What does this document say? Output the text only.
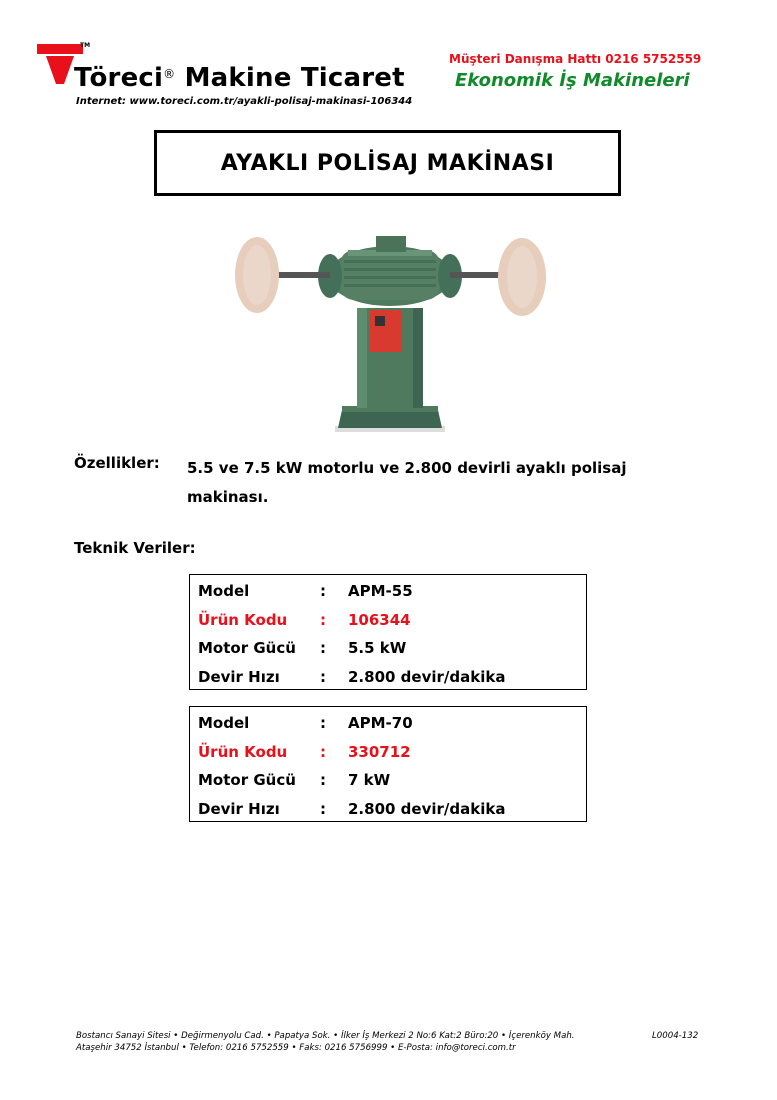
TM
Töreci® Makine Ticaret
Internet: www.toreci.com.tr/ayakli-polisaj-makinasi-106344
Müşteri Danışma Hattı 0216 5752559
Ekonomik İş Makineleri
AYAKLI POLİSAJ MAKİNASI
Özellikler: 5.5 ve 7.5 kW motorlu ve 2.800 devirli ayaklı polisaj makinası.
Teknik Veriler:
Model	:	APM-55
Ürün Kodu	:	106344
Motor Gücü	:	5.5 kW
Devir Hızı	:	2.800 devir/dakika
Model	:	APM-70
Ürün Kodu	:	330712
Motor Gücü	:	7 kW
Devir Hızı	:	2.800 devir/dakika
Bostancı Sanayi Sitesi • Değirmenyolu Cad. • Papatya Sok. • İlker İş Merkezi 2 No:6 Kat:2 Büro:20 • İçerenköy Mah.
Ataşehir 34752 İstanbul • Telefon: 0216 5752559 • Faks: 0216 5756999 • E-Posta: info@toreci.com.tr
L0004-132
